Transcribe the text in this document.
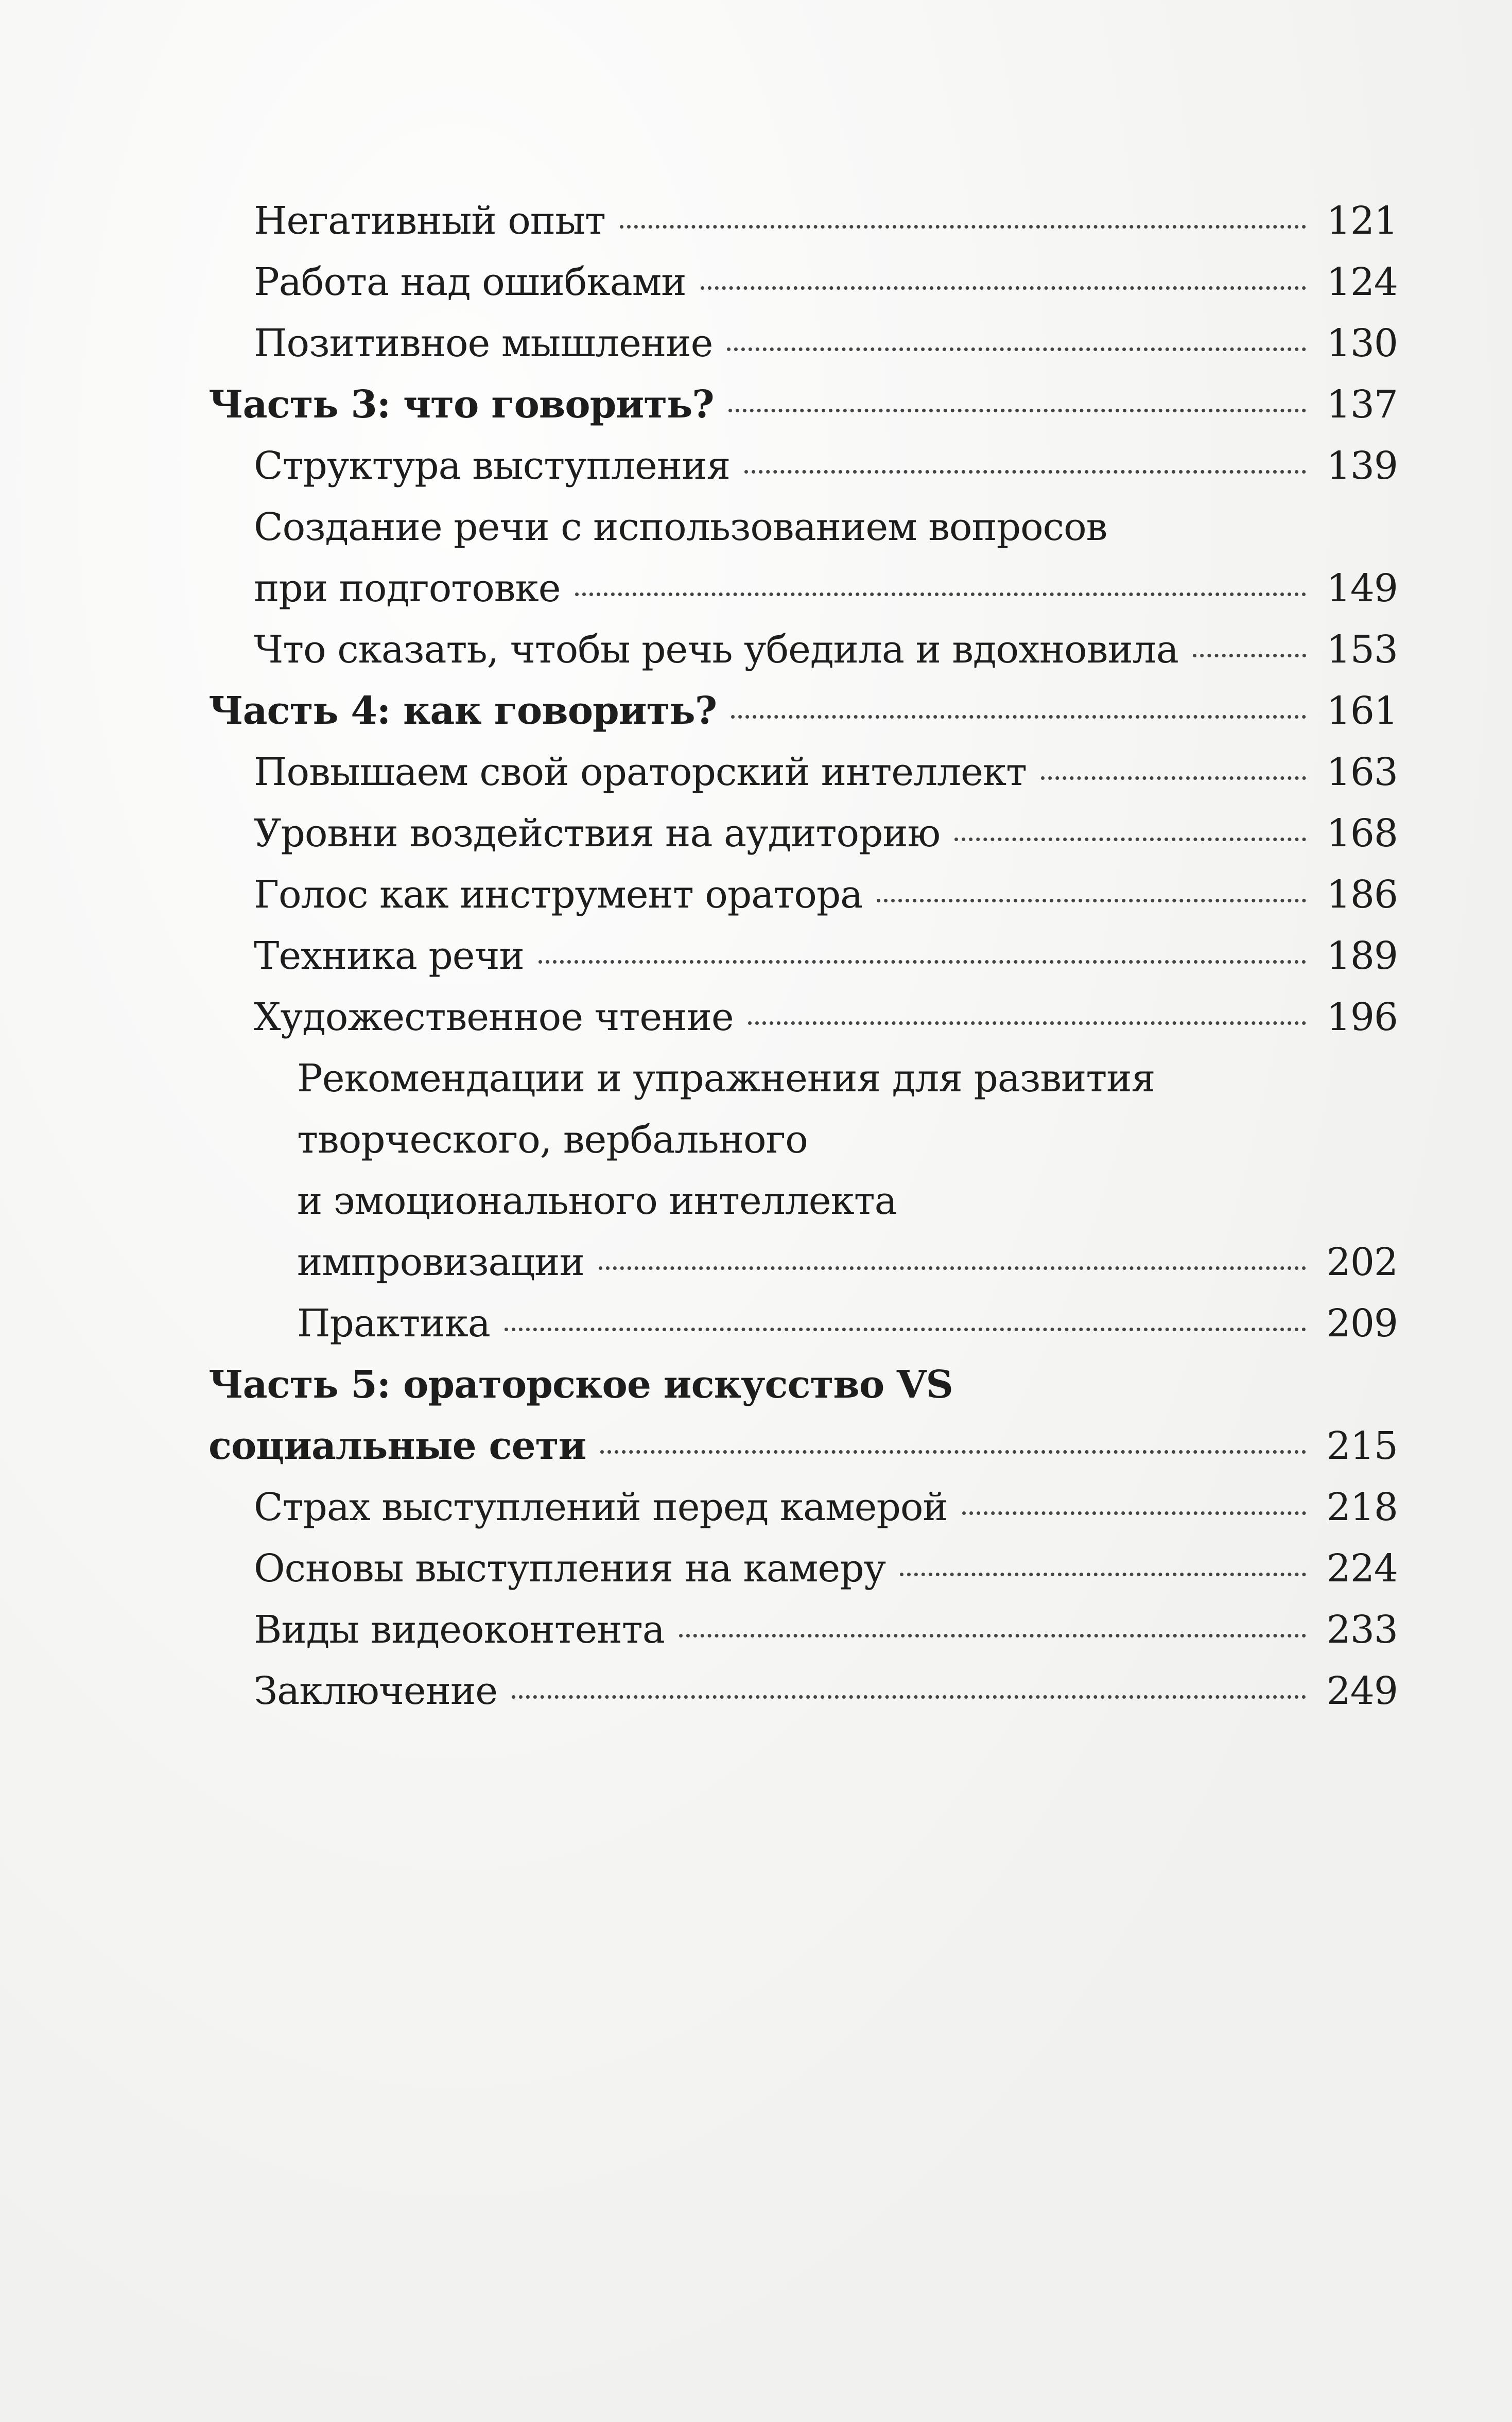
Негативный опыт	121
Работа над ошибками	124
Позитивное мышление	130
Часть 3: что говорить?	137
Структура выступления	139
Создание речи с использованием вопросов
при подготовке	149
Что сказать, чтобы речь убедила и вдохновила	153
Часть 4: как говорить?	161
Повышаем свой ораторский интеллект	163
Уровни воздействия на аудиторию	168
Голос как инструмент оратора	186
Техника речи	189
Художественное чтение	196
Рекомендации и упражнения для развития
творческого, вербального
и эмоционального интеллекта
импровизации	202
Практика	209
Часть 5: ораторское искусство VS
социальные сети	215
Страх выступлений перед камерой	218
Основы выступления на камеру	224
Виды видеоконтента	233
Заключение	249
